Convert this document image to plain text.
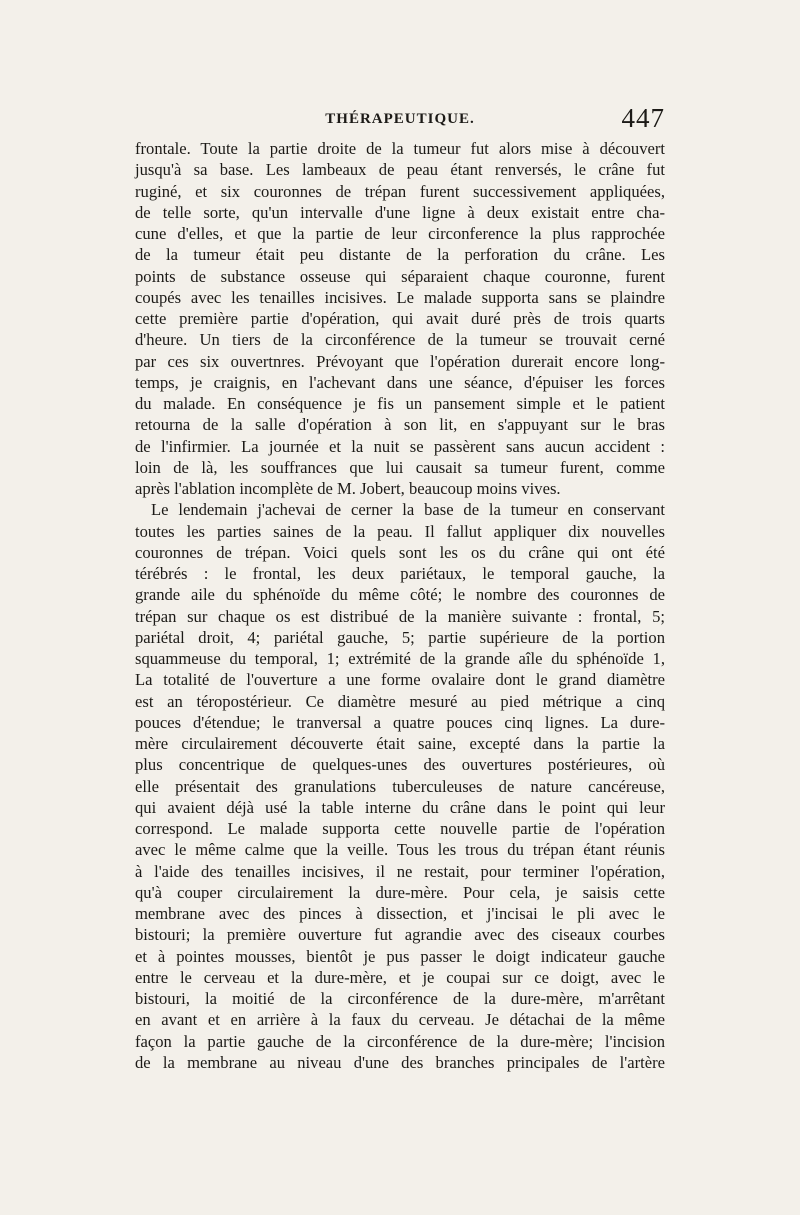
THÉRAPEUTIQUE.	447
frontale. Toute la partie droite de la tumeur fut alors mise à découvert
jusqu'à sa base. Les lambeaux de peau étant renversés, le crâne fut
ruginé, et six couronnes de trépan furent successivement appliquées,
de telle sorte, qu'un intervalle d'une ligne à deux existait entre cha-
cune d'elles, et que la partie de leur circonference la plus rapprochée
de la tumeur était peu distante de la perforation du crâne. Les
points de substance osseuse qui séparaient chaque couronne, furent
coupés avec les tenailles incisives. Le malade supporta sans se plaindre
cette première partie d'opération, qui avait duré près de trois quarts
d'heure. Un tiers de la circonférence de la tumeur se trouvait cerné
par ces six ouvertnres. Prévoyant que l'opération durerait encore long-
temps, je craignis, en l'achevant dans une séance, d'épuiser les forces
du malade. En conséquence je fis un pansement simple et le patient
retourna de la salle d'opération à son lit, en s'appuyant sur le bras
de l'infirmier. La journée et la nuit se passèrent sans aucun accident :
loin de là, les souffrances que lui causait sa tumeur furent, comme
après l'ablation incomplète de M. Jobert, beaucoup moins vives.
Le lendemain j'achevai de cerner la base de la tumeur en conservant
toutes les parties saines de la peau. Il fallut appliquer dix nouvelles
couronnes de trépan. Voici quels sont les os du crâne qui ont été
térébrés : le frontal, les deux pariétaux, le temporal gauche, la
grande aile du sphénoïde du même côté; le nombre des couronnes de
trépan sur chaque os est distribué de la manière suivante : frontal, 5;
pariétal droit, 4; pariétal gauche, 5; partie supérieure de la portion
squammeuse du temporal, 1; extrémité de la grande aîle du sphénoïde 1,
La totalité de l'ouverture a une forme ovalaire dont le grand diamètre
est an téropostérieur. Ce diamètre mesuré au pied métrique a cinq
pouces d'étendue; le tranversal a quatre pouces cinq lignes. La dure-
mère circulairement découverte était saine, excepté dans la partie la
plus concentrique de quelques-unes des ouvertures postérieures, où
elle présentait des granulations tuberculeuses de nature cancéreuse,
qui avaient déjà usé la table interne du crâne dans le point qui leur
correspond. Le malade supporta cette nouvelle partie de l'opération
avec le même calme que la veille. Tous les trous du trépan étant réunis
à l'aide des tenailles incisives, il ne restait, pour terminer l'opération,
qu'à couper circulairement la dure-mère. Pour cela, je saisis cette
membrane avec des pinces à dissection, et j'incisai le pli avec le
bistouri; la première ouverture fut agrandie avec des ciseaux courbes
et à pointes mousses, bientôt je pus passer le doigt indicateur gauche
entre le cerveau et la dure-mère, et je coupai sur ce doigt, avec le
bistouri, la moitié de la circonférence de la dure-mère, m'arrêtant
en avant et en arrière à la faux du cerveau. Je détachai de la même
façon la partie gauche de la circonférence de la dure-mère; l'incision
de la membrane au niveau d'une des branches principales de l'artère
